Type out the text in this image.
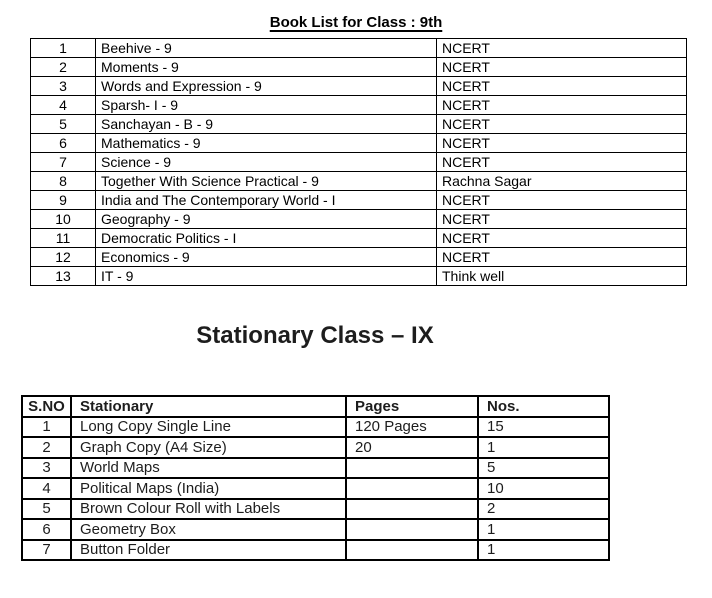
Book List for Class : 9th
1	Beehive - 9	NCERT
2	Moments - 9	NCERT
3	Words and Expression - 9	NCERT
4	Sparsh- I - 9	NCERT
5	Sanchayan - B - 9	NCERT
6	Mathematics - 9	NCERT
7	Science - 9	NCERT
8	Together With Science Practical - 9	Rachna Sagar
9	India and The Contemporary World - I	NCERT
10	Geography - 9	NCERT
11	Democratic Politics - I	NCERT
12	Economics - 9	NCERT
13	IT - 9	Think well
Stationary Class – IX
S.NO	Stationary	Pages	Nos.
1	Long Copy Single Line	120 Pages	15
2	Graph Copy (A4 Size)	20	1
3	World Maps		5
4	Political Maps (India)		10
5	Brown Colour Roll with Labels		2
6	Geometry Box		1
7	Button Folder		1
